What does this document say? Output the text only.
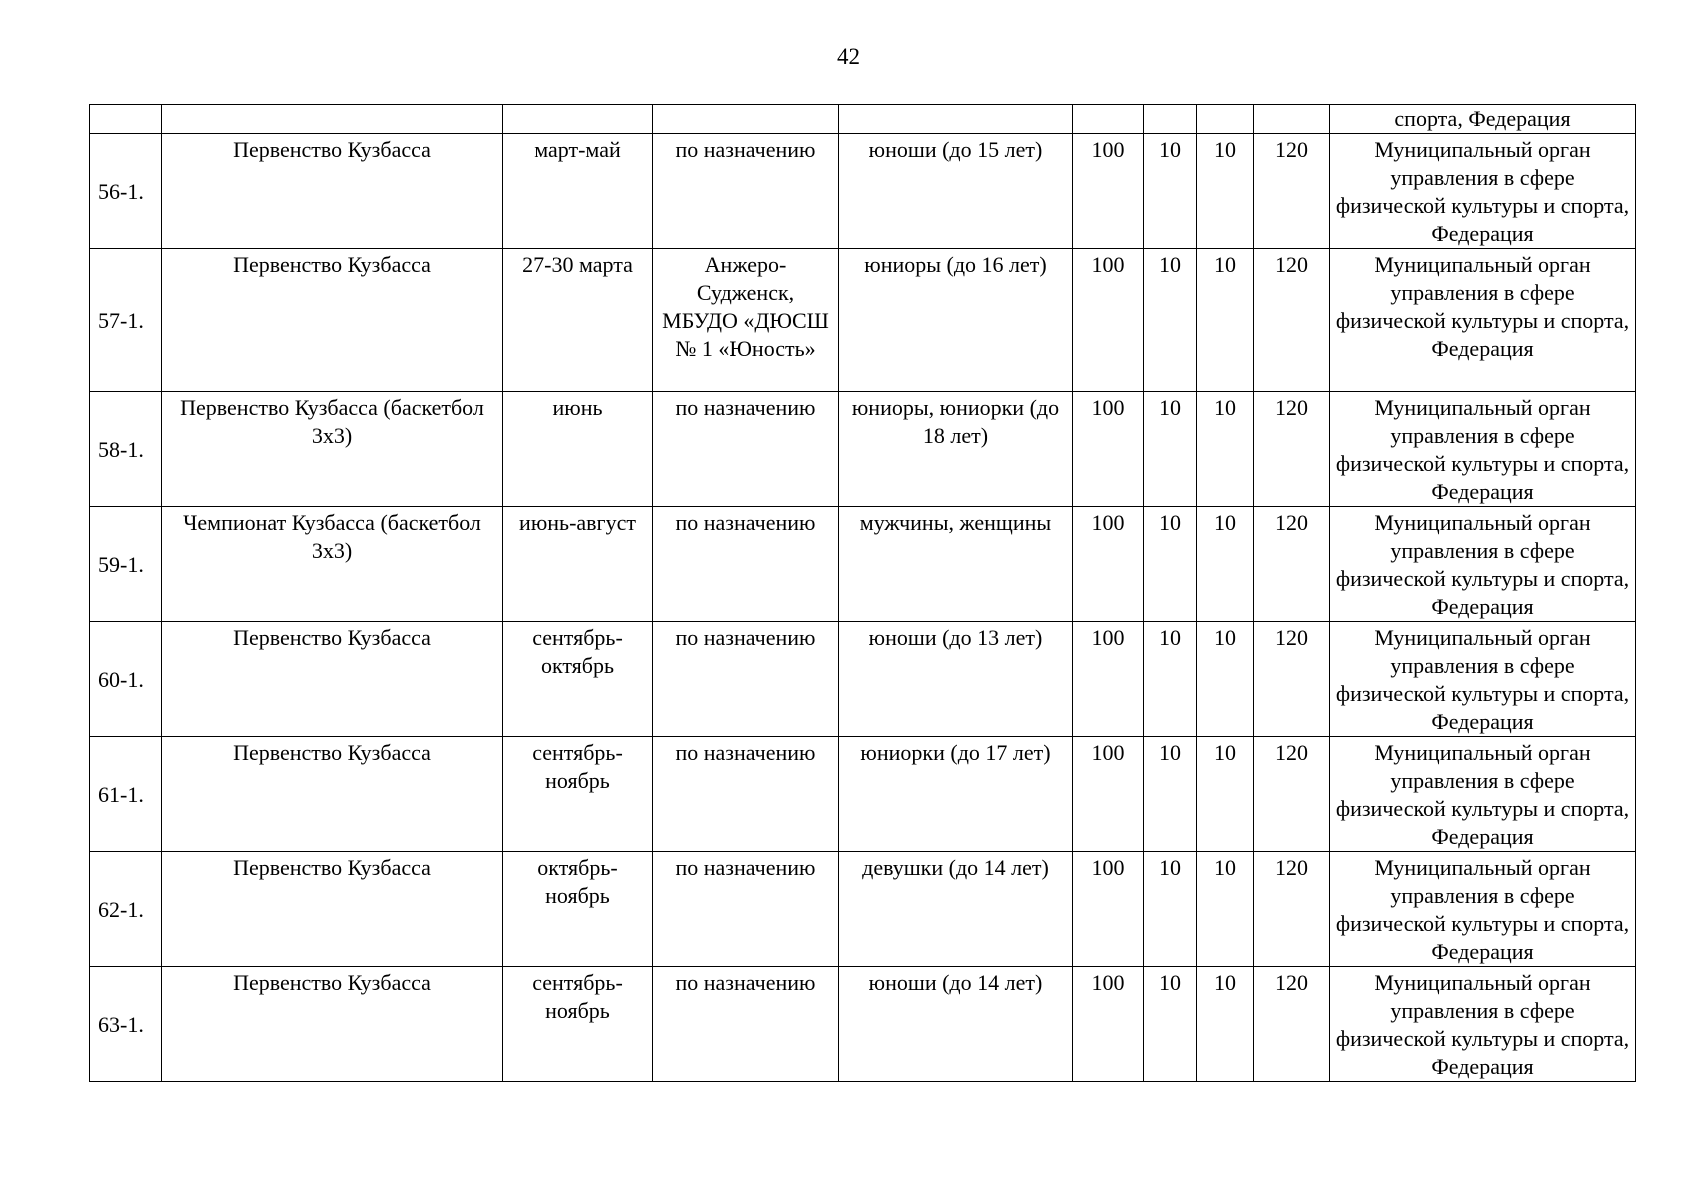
42
									спорта, Федерация
56-1.	Первенство Кузбасса	март-май	по назначению	юноши (до 15 лет)	100	10	10	120	Муниципальный орган управления в сфере физической культуры и спорта, Федерация
57-1.	Первенство Кузбасса	27-30 марта	Анжеро-Судженск, МБУДО «ДЮСШ № 1 «Юность»	юниоры (до 16 лет)	100	10	10	120	Муниципальный орган управления в сфере физической культуры и спорта, Федерация
58-1.	Первенство Кузбасса (баскетбол 3х3)	июнь	по назначению	юниоры, юниорки (до 18 лет)	100	10	10	120	Муниципальный орган управления в сфере физической культуры и спорта, Федерация
59-1.	Чемпионат Кузбасса (баскетбол 3х3)	июнь-август	по назначению	мужчины, женщины	100	10	10	120	Муниципальный орган управления в сфере физической культуры и спорта, Федерация
60-1.	Первенство Кузбасса	сентябрь-октябрь	по назначению	юноши (до 13 лет)	100	10	10	120	Муниципальный орган управления в сфере физической культуры и спорта, Федерация
61-1.	Первенство Кузбасса	сентябрь-ноябрь	по назначению	юниорки (до 17 лет)	100	10	10	120	Муниципальный орган управления в сфере физической культуры и спорта, Федерация
62-1.	Первенство Кузбасса	октябрь-ноябрь	по назначению	девушки (до 14 лет)	100	10	10	120	Муниципальный орган управления в сфере физической культуры и спорта, Федерация
63-1.	Первенство Кузбасса	сентябрь-ноябрь	по назначению	юноши (до 14 лет)	100	10	10	120	Муниципальный орган управления в сфере физической культуры и спорта, Федерация
